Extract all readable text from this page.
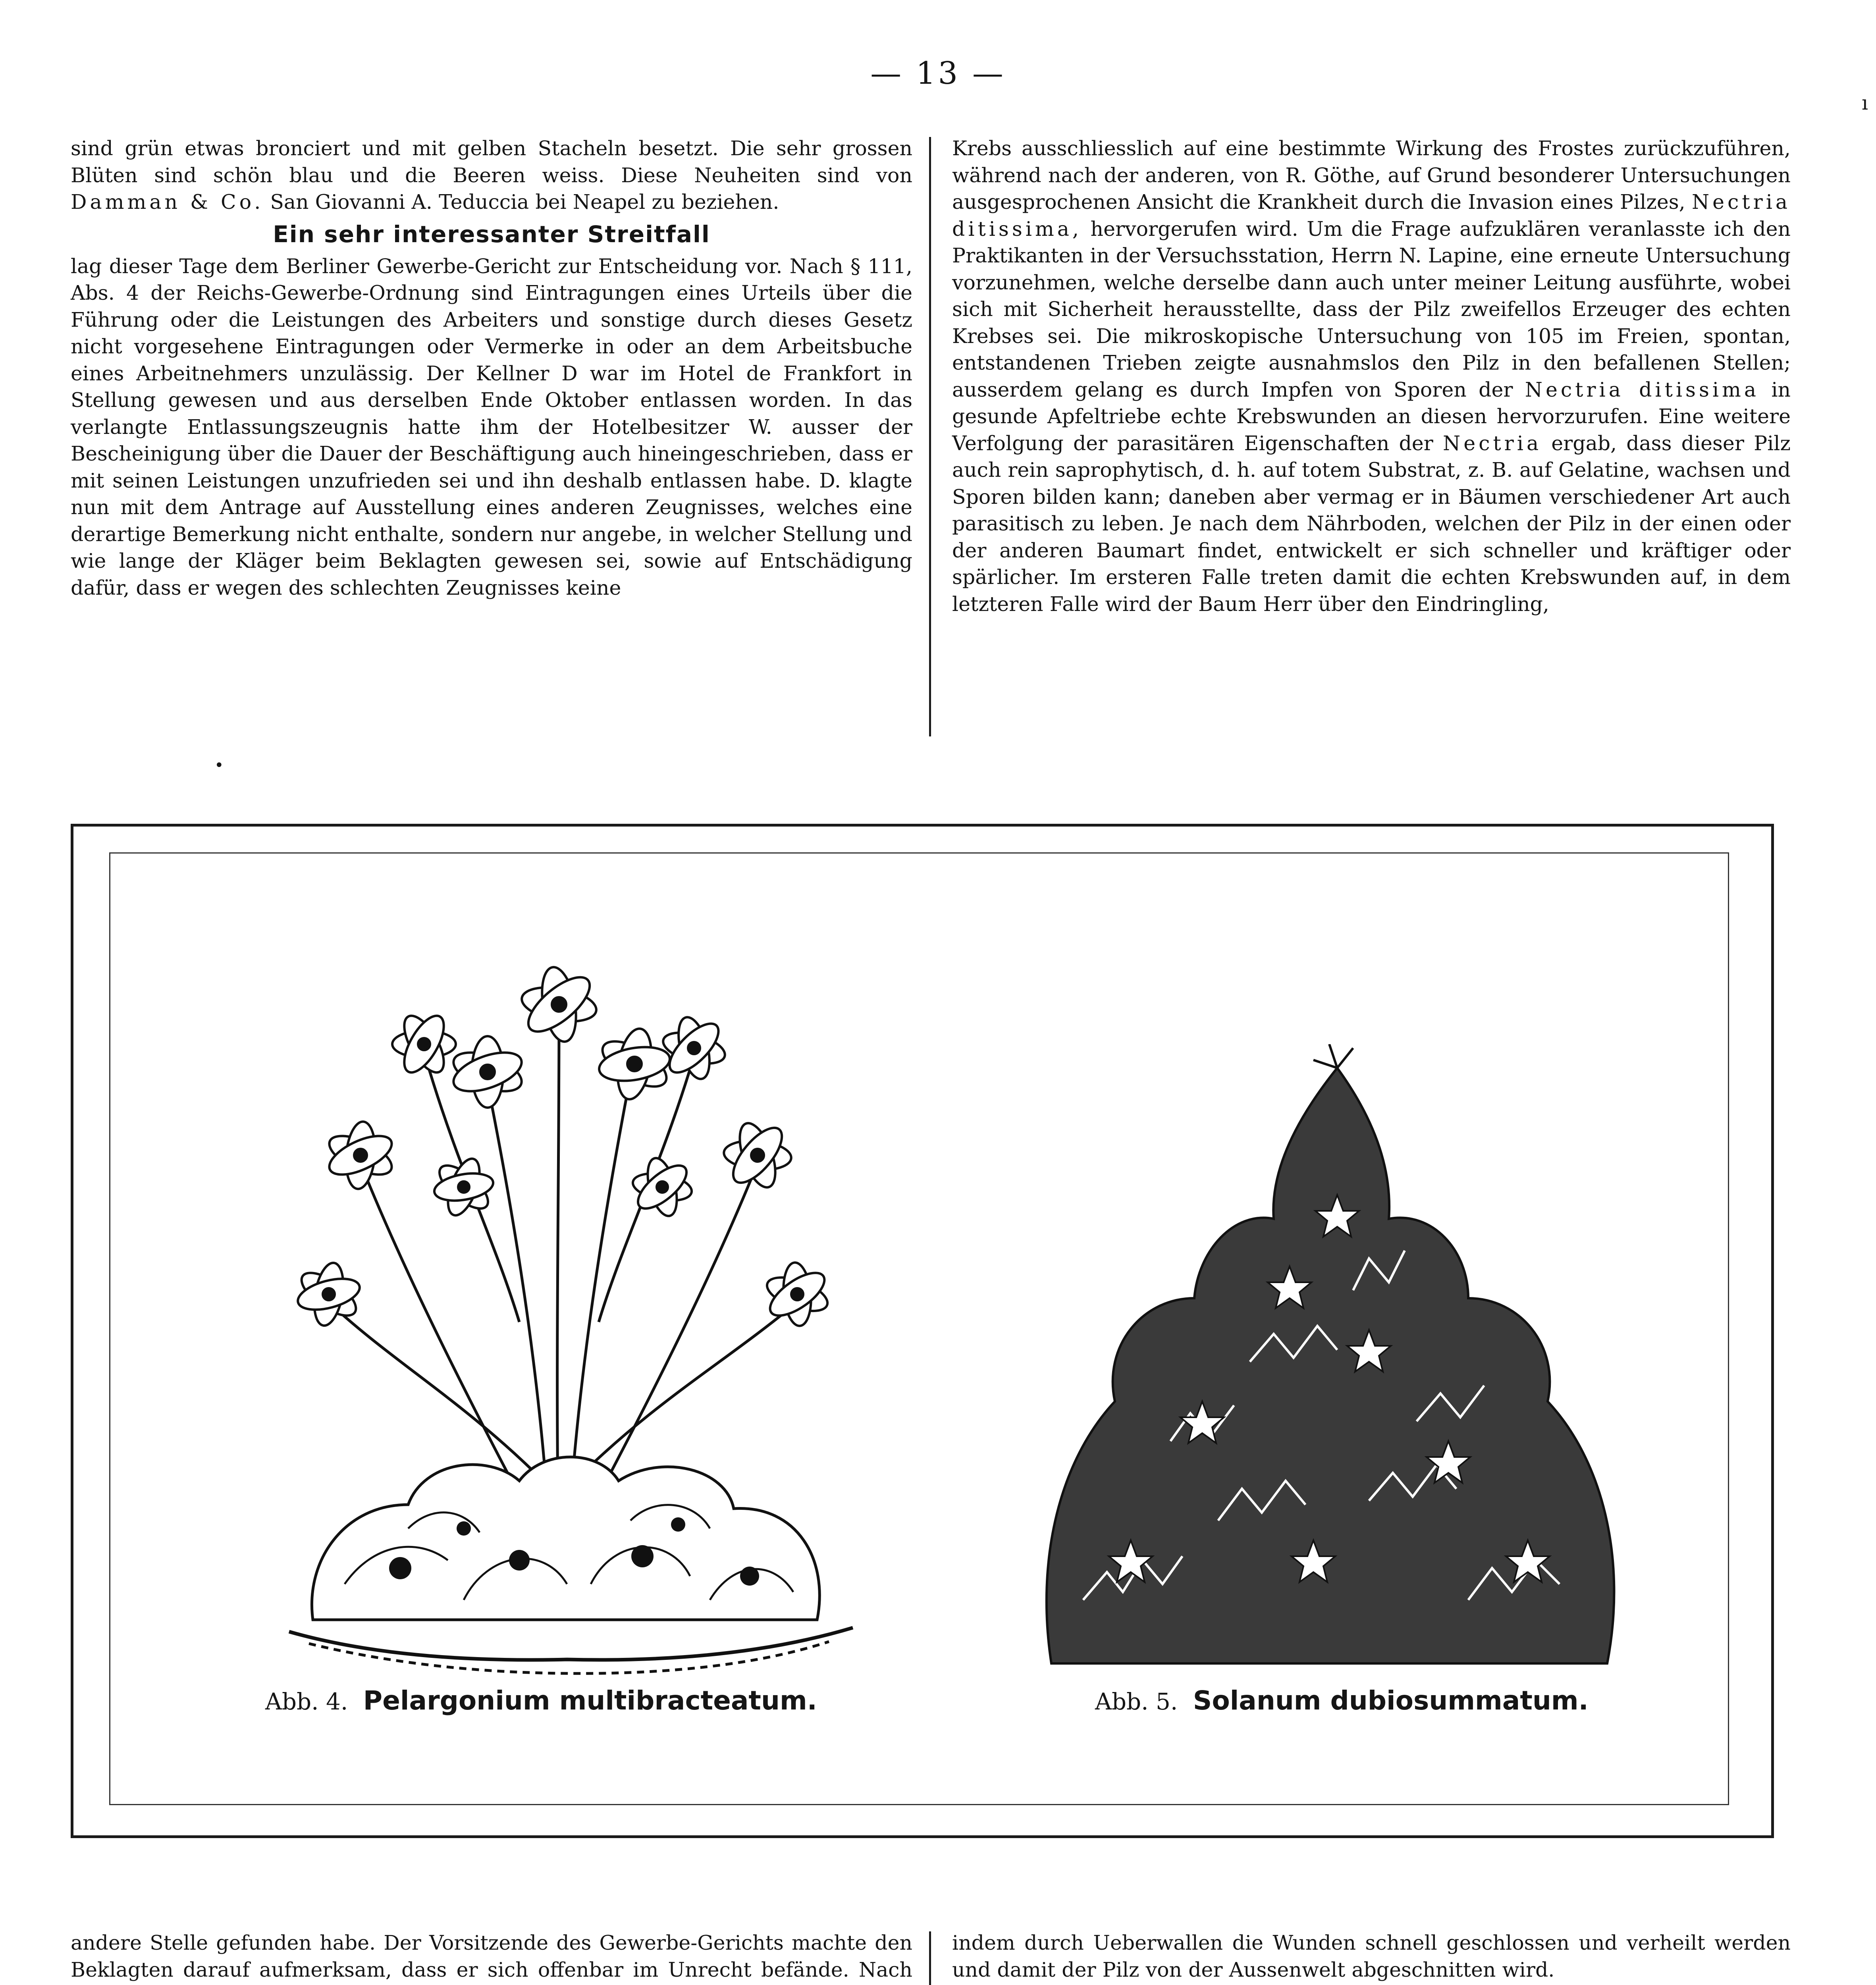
— 13 —
ı

sind grün etwas bronciert und mit gelben Stacheln besetzt. Die sehr grossen Blüten sind schön blau und die Beeren weiss. Diese Neuheiten sind von Damman & Co. San Giovanni A. Teduccia bei Neapel zu beziehen.

Ein sehr interessanter Streitfall

lag dieser Tage dem Berliner Gewerbe-Gericht zur Entscheidung vor. Nach § 111, Abs. 4 der Reichs-Gewerbe-Ordnung sind Eintragungen eines Urteils über die Führung oder die Leistungen des Arbeiters und sonstige durch dieses Gesetz nicht vorgesehene Eintragungen oder Vermerke in oder an dem Arbeitsbuche eines Arbeitnehmers unzulässig. Der Kellner D war im Hotel de Frankfort in Stellung gewesen und aus derselben Ende Oktober entlassen worden. In das verlangte Entlassungszeugnis hatte ihm der Hotelbesitzer W. ausser der Bescheinigung über die Dauer der Beschäftigung auch hineingeschrieben, dass er mit seinen Leistungen unzufrieden sei und ihn deshalb entlassen habe. D. klagte nun mit dem Antrage auf Ausstellung eines anderen Zeugnisses, welches eine derartige Bemerkung nicht enthalte, sondern nur angebe, in welcher Stellung und wie lange der Kläger beim Beklagten gewesen sei, sowie auf Entschädigung dafür, dass er wegen des schlechten Zeugnisses keine

Krebs ausschliesslich auf eine bestimmte Wirkung des Frostes zurückzuführen, während nach der anderen, von R. Göthe, auf Grund besonderer Untersuchungen ausgesprochenen Ansicht die Krankheit durch die Invasion eines Pilzes, Nectria ditissima, hervorgerufen wird. Um die Frage aufzuklären veranlasste ich den Praktikanten in der Versuchsstation, Herrn N. Lapine, eine erneute Untersuchung vorzunehmen, welche derselbe dann auch unter meiner Leitung ausführte, wobei sich mit Sicherheit herausstellte, dass der Pilz zweifellos Erzeuger des echten Krebses sei. Die mikroskopische Untersuchung von 105 im Freien, spontan, entstandenen Trieben zeigte ausnahmslos den Pilz in den befallenen Stellen; ausserdem gelang es durch Impfen von Sporen der Nectria ditissima in gesunde Apfeltriebe echte Krebswunden an diesen hervorzurufen. Eine weitere Verfolgung der parasitären Eigenschaften der Nectria ergab, dass dieser Pilz auch rein saprophytisch, d. h. auf totem Substrat, z. B. auf Gelatine, wachsen und Sporen bilden kann; daneben aber vermag er in Bäumen verschiedener Art auch parasitisch zu leben. Je nach dem Nährboden, welchen der Pilz in der einen oder der anderen Baumart findet, entwickelt er sich schneller und kräftiger oder spärlicher. Im ersteren Falle treten damit die echten Krebswunden auf, in dem letzteren Falle wird der Baum Herr über den Eindringling,

•
Abb. 4. Pelargonium multibracteatum.	Abb. 5. Solanum dubiosummatum.

andere Stelle gefunden habe. Der Vorsitzende des Gewerbe-Gerichts machte den Beklagten darauf aufmerksam, dass er sich offenbar im Unrecht befände. Nach

indem durch Ueberwallen die Wunden schnell geschlossen und verheilt werden und damit der Pilz von der Aussenwelt abgeschnitten wird.
